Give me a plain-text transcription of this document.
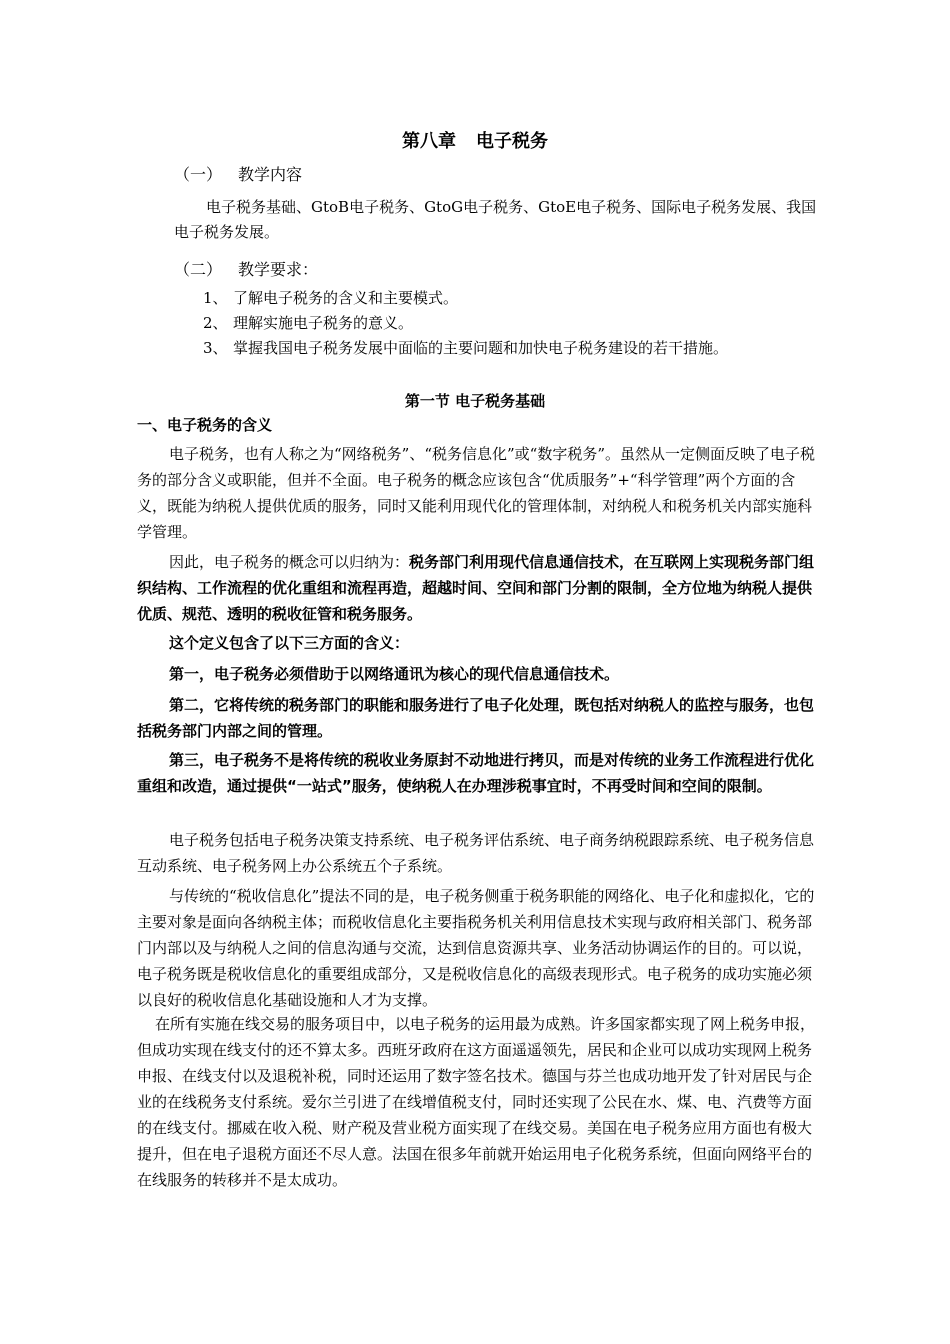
第八章 电子税务
（一） 教学内容

电子税务基础、GtoB电子税务、GtoG电子税务、GtoE电子税务、国际电子税务发展、我国电子税务发展。

（二） 教学要求：
1、 了解电子税务的含义和主要模式。
2、 理解实施电子税务的意义。
3、 掌握我国电子税务发展中面临的主要问题和加快电子税务建设的若干措施。
第一节 电子税务基础
一、电子税务的含义

电子税务，也有人称之为“网络税务”、“税务信息化”或“数字税务”。虽然从一定侧面反映了电子税务的部分含义或职能，但并不全面。电子税务的概念应该包含“优质服务”+“科学管理”两个方面的含义，既能为纳税人提供优质的服务，同时又能利用现代化的管理体制，对纳税人和税务机关内部实施科学管理。

因此，电子税务的概念可以归纳为：税务部门利用现代信息通信技术，在互联网上实现税务部门组织结构、工作流程的优化重组和流程再造，超越时间、空间和部门分割的限制，全方位地为纳税人提供优质、规范、透明的税收征管和税务服务。

这个定义包含了以下三方面的含义：

第一，电子税务必须借助于以网络通讯为核心的现代信息通信技术。

第二，它将传统的税务部门的职能和服务进行了电子化处理，既包括对纳税人的监控与服务，也包括税务部门内部之间的管理。

第三，电子税务不是将传统的税收业务原封不动地进行拷贝，而是对传统的业务工作流程进行优化重组和改造，通过提供“一站式”服务，使纳税人在办理涉税事宜时，不再受时间和空间的限制。

电子税务包括电子税务决策支持系统、电子税务评估系统、电子商务纳税跟踪系统、电子税务信息互动系统、电子税务网上办公系统五个子系统。

与传统的“税收信息化”提法不同的是，电子税务侧重于税务职能的网络化、电子化和虚拟化，它的主要对象是面向各纳税主体；而税收信息化主要指税务机关利用信息技术实现与政府相关部门、税务部门内部以及与纳税人之间的信息沟通与交流，达到信息资源共享、业务活动协调运作的目的。可以说，电子税务既是税收信息化的重要组成部分，又是税收信息化的高级表现形式。电子税务的成功实施必须以良好的税收信息化基础设施和人才为支撑。

在所有实施在线交易的服务项目中，以电子税务的运用最为成熟。许多国家都实现了网上税务申报，但成功实现在线支付的还不算太多。西班牙政府在这方面遥遥领先，居民和企业可以成功实现网上税务申报、在线支付以及退税补税，同时还运用了数字签名技术。德国与芬兰也成功地开发了针对居民与企业的在线税务支付系统。爱尔兰引进了在线增值税支付，同时还实现了公民在水、煤、电、汽费等方面的在线支付。挪威在收入税、财产税及营业税方面实现了在线交易。美国在电子税务应用方面也有极大提升，但在电子退税方面还不尽人意。法国在很多年前就开始运用电子化税务系统，但面向网络平台的在线服务的转移并不是太成功。
